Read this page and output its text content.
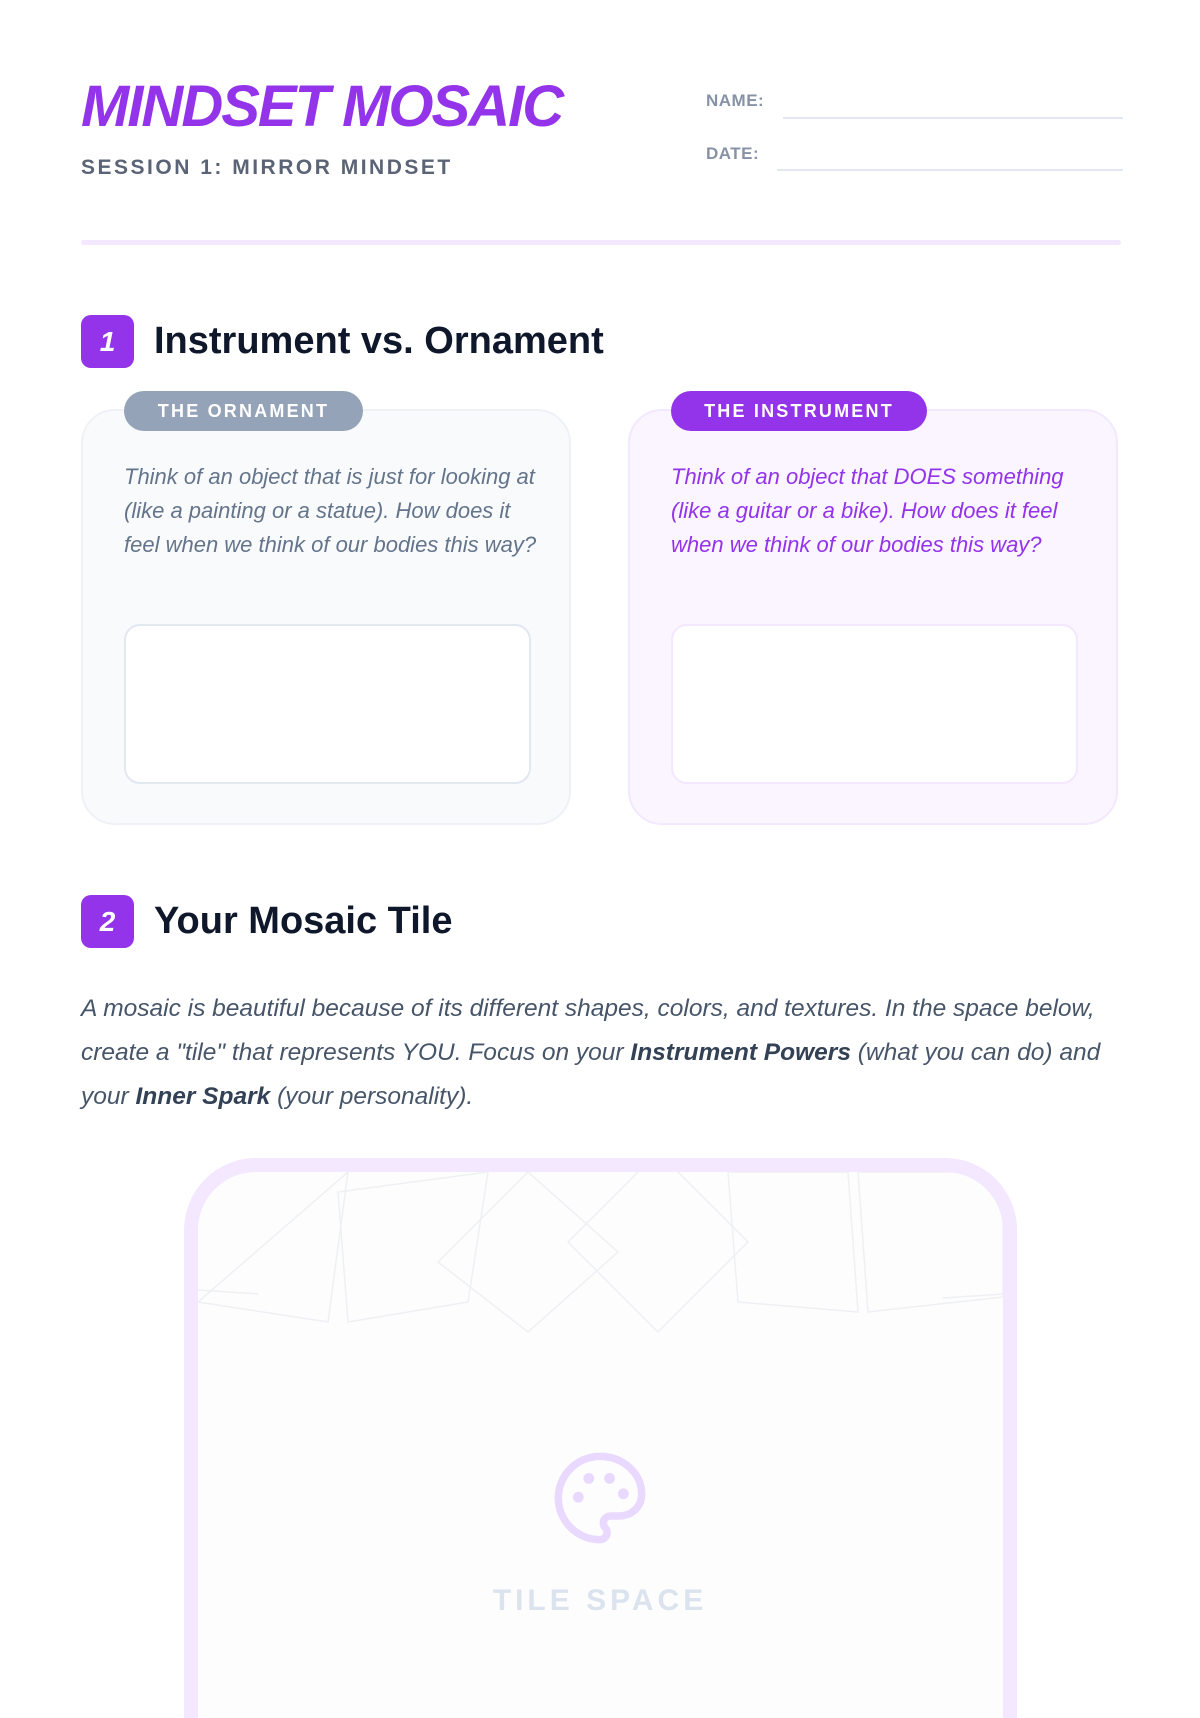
MINDSET MOSAIC
SESSION 1: MIRROR MINDSET
NAME:
DATE:
1	Instrument vs. Ornament
THE ORNAMENT
Think of an object that is just for looking at (like a painting or a statue). How does it feel when we think of our bodies this way?
THE INSTRUMENT
Think of an object that DOES something (like a guitar or a bike). How does it feel when we think of our bodies this way?
2	Your Mosaic Tile

A mosaic is beautiful because of its different shapes, colors, and textures. In the space below, create a "tile" that represents YOU. Focus on your Instrument Powers (what you can do) and your Inner Spark (your personality).

TILE SPACE
